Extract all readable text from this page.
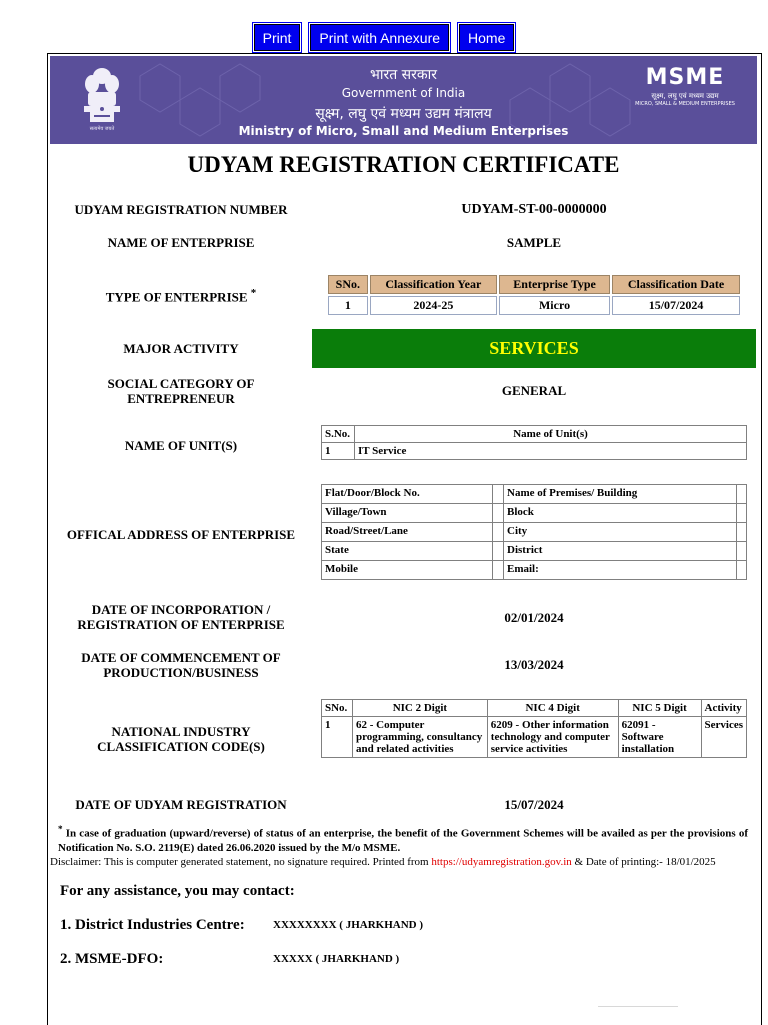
Print Print with Annexure Home
सत्यमेव जयते
भारत सरकार
Government of India
सूक्ष्म, लघु एवं मध्यम उद्यम मंत्रालय
Ministry of Micro, Small and Medium Enterprises
MSME
सूक्ष्म, लघु एवं मध्यम उद्यम
MICRO, SMALL & MEDIUM ENTERPRISES
UDYAM REGISTRATION CERTIFICATE
UDYAM REGISTRATION NUMBER	UDYAM-ST-00-0000000
NAME OF ENTERPRISE	SAMPLE
TYPE OF ENTERPRISE *
SNo.	Classification Year	Enterprise Type	Classification Date
1	2024-25	Micro	15/07/2024
MAJOR ACTIVITY	SERVICES
SOCIAL CATEGORY OF
ENTREPRENEUR
GENERAL
NAME OF UNIT(S)
S.No.	Name of Unit(s)
1	IT Service
OFFICAL ADDRESS OF ENTERPRISE
Flat/Door/Block No.		Name of Premises/ Building	
Village/Town		Block	
Road/Street/Lane		City	
State		District	
Mobile		Email:	
DATE OF INCORPORATION /
REGISTRATION OF ENTERPRISE	02/01/2024
DATE OF COMMENCEMENT OF
PRODUCTION/BUSINESS
13/03/2024
NATIONAL INDUSTRY
CLASSIFICATION CODE(S)
SNo.	NIC 2 Digit	NIC 4 Digit	NIC 5 Digit	Activity
1	62 - Computer programming, consultancy and related activities	6209 - Other information technology and computer service activities	62091 - Software installation	Services
DATE OF UDYAM REGISTRATION	15/07/2024
* In case of graduation (upward/reverse) of status of an enterprise, the benefit of the Government Schemes will be availed as per the provisions of Notification No. S.O. 2119(E) dated 26.06.2020 issued by the M/o MSME.
Disclaimer: This is computer generated statement, no signature required. Printed from https://udyamregistration.gov.in & Date of printing:- 18/01/2025
For any assistance, you may contact:
1. District Industries Centre:	XXXXXXXX ( JHARKHAND )
2. MSME-DFO:	XXXXX ( JHARKHAND )
